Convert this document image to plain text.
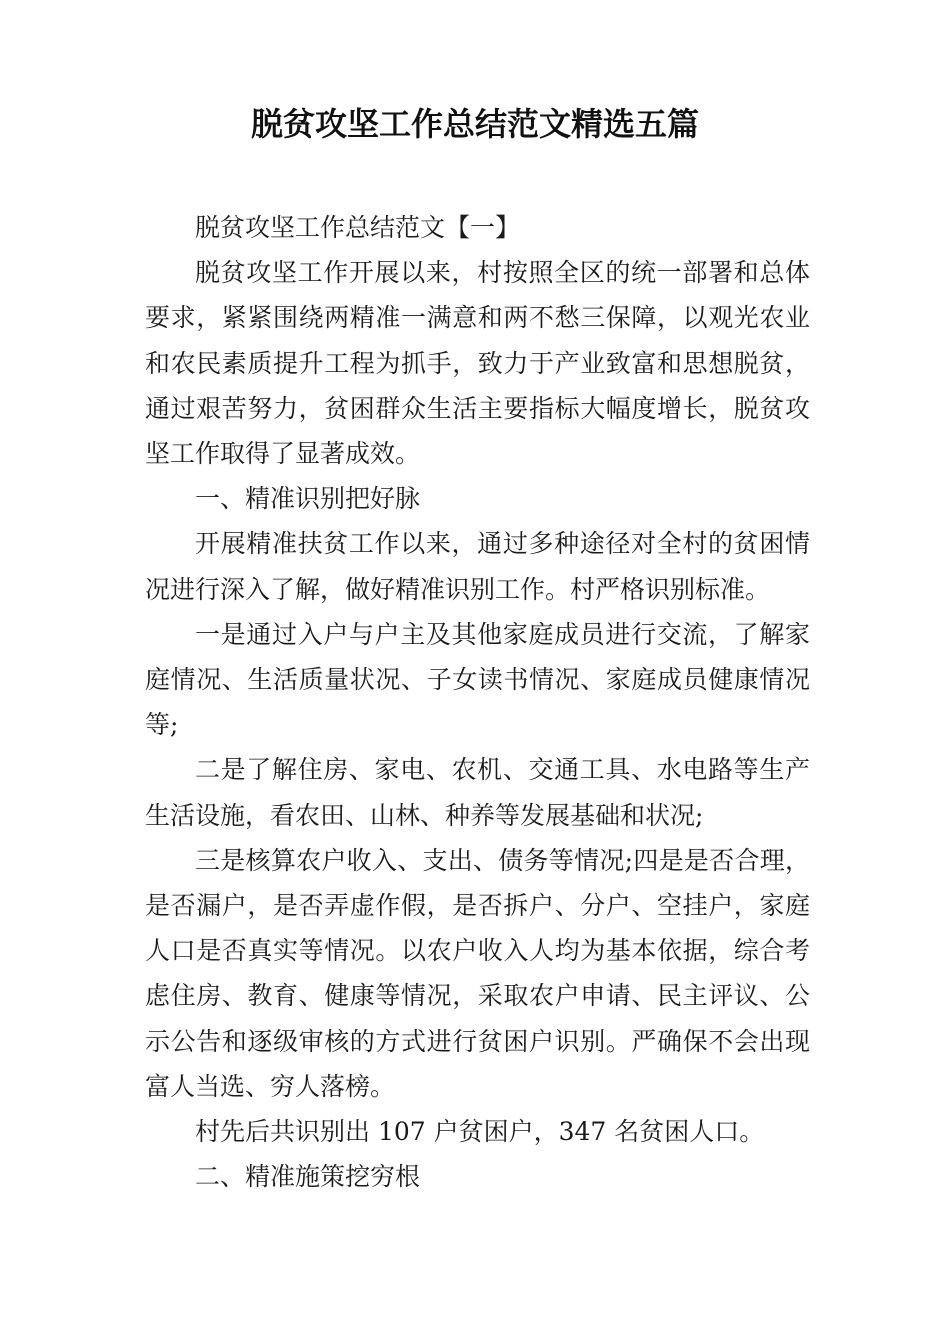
脱贫攻坚工作总结范文精选五篇

脱贫攻坚工作总结范文【一】

脱贫攻坚工作开展以来，村按照全区的统一部署和总体要求，紧紧围绕两精准一满意和两不愁三保障，以观光农业和农民素质提升工程为抓手，致力于产业致富和思想脱贫，通过艰苦努力，贫困群众生活主要指标大幅度增长，脱贫攻坚工作取得了显著成效。

一、精准识别把好脉

开展精准扶贫工作以来，通过多种途径对全村的贫困情况进行深入了解，做好精准识别工作。村严格识别标准。

一是通过入户与户主及其他家庭成员进行交流，了解家庭情况、生活质量状况、子女读书情况、家庭成员健康情况等;

二是了解住房、家电、农机、交通工具、水电路等生产生活设施，看农田、山林、种养等发展基础和状况;

三是核算农户收入、支出、债务等情况;四是是否合理，是否漏户，是否弄虚作假，是否拆户、分户、空挂户，家庭人口是否真实等情况。以农户收入人均为基本依据，综合考虑住房、教育、健康等情况，采取农户申请、民主评议、公示公告和逐级审核的方式进行贫困户识别。严确保不会出现富人当选、穷人落榜。

村先后共识别出 107 户贫困户，347 名贫困人口。

二、精准施策挖穷根
